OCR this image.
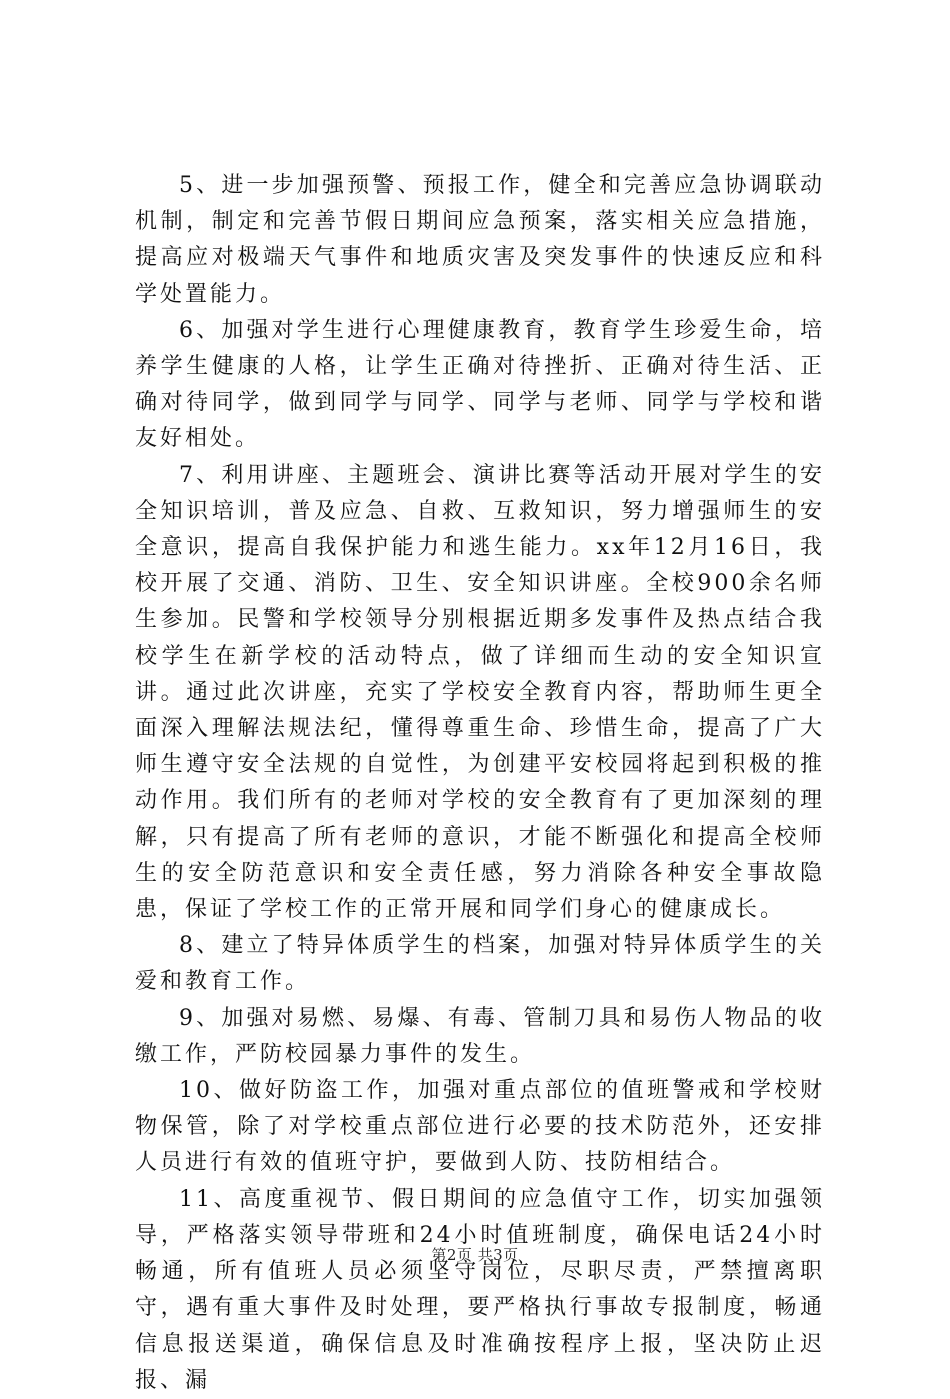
5、进一步加强预警、预报工作，健全和完善应急协调联动机制，制定和完善节假日期间应急预案，落实相关应急措施，提高应对极端天气事件和地质灾害及突发事件的快速反应和科学处置能力。

6、加强对学生进行心理健康教育，教育学生珍爱生命，培养学生健康的人格，让学生正确对待挫折、正确对待生活、正确对待同学，做到同学与同学、同学与老师、同学与学校和谐友好相处。

7、利用讲座、主题班会、演讲比赛等活动开展对学生的安全知识培训，普及应急、自救、互救知识，努力增强师生的安全意识，提高自我保护能力和逃生能力。xx年12月16日，我校开展了交通、消防、卫生、安全知识讲座。全校900余名师生参加。民警和学校领导分别根据近期多发事件及热点结合我校学生在新学校的活动特点，做了详细而生动的安全知识宣讲。通过此次讲座，充实了学校安全教育内容，帮助师生更全面深入理解法规法纪，懂得尊重生命、珍惜生命，提高了广大师生遵守安全法规的自觉性，为创建平安校园将起到积极的推动作用。我们所有的老师对学校的安全教育有了更加深刻的理解，只有提高了所有老师的意识，才能不断强化和提高全校师生的安全防范意识和安全责任感，努力消除各种安全事故隐患，保证了学校工作的正常开展和同学们身心的健康成长。

8、建立了特异体质学生的档案，加强对特异体质学生的关爱和教育工作。

9、加强对易燃、易爆、有毒、管制刀具和易伤人物品的收缴工作，严防校园暴力事件的发生。

10、做好防盗工作，加强对重点部位的值班警戒和学校财物保管，除了对学校重点部位进行必要的技术防范外，还安排人员进行有效的值班守护，要做到人防、技防相结合。

11、高度重视节、假日期间的应急值守工作，切实加强领导，严格落实领导带班和24小时值班制度，确保电话24小时畅通，所有值班人员必须坚守岗位，尽职尽责，严禁擅离职守，遇有重大事件及时处理，要严格执行事故专报制度，畅通信息报送渠道，确保信息及时准确按程序上报，坚决防止迟报、漏

第2页 共3页
